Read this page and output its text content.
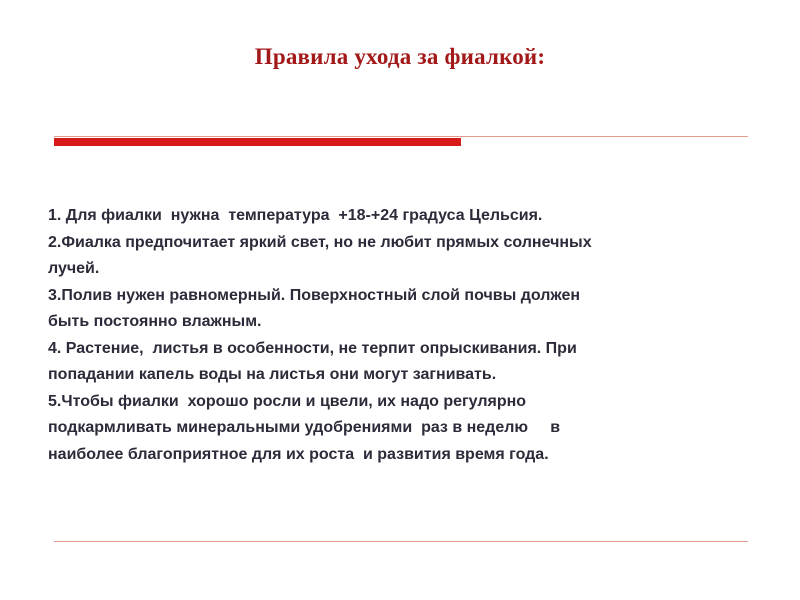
Правила ухода за фиалкой:
1. Для фиалки  нужна  температура  +18-+24 градуса Цельсия.
2.Фиалка предпочитает яркий свет, но не любит прямых солнечных
лучей.
3.Полив нужен равномерный. Поверхностный слой почвы должен
быть постоянно влажным.
4. Растение,  листья в особенности, не терпит опрыскивания. При
попадании капель воды на листья они могут загнивать.
5.Чтобы фиалки  хорошо росли и цвели, их надо регулярно
подкармливать минеральными удобрениями  раз в неделю     в
наиболее благоприятное для их роста  и развития время года.
